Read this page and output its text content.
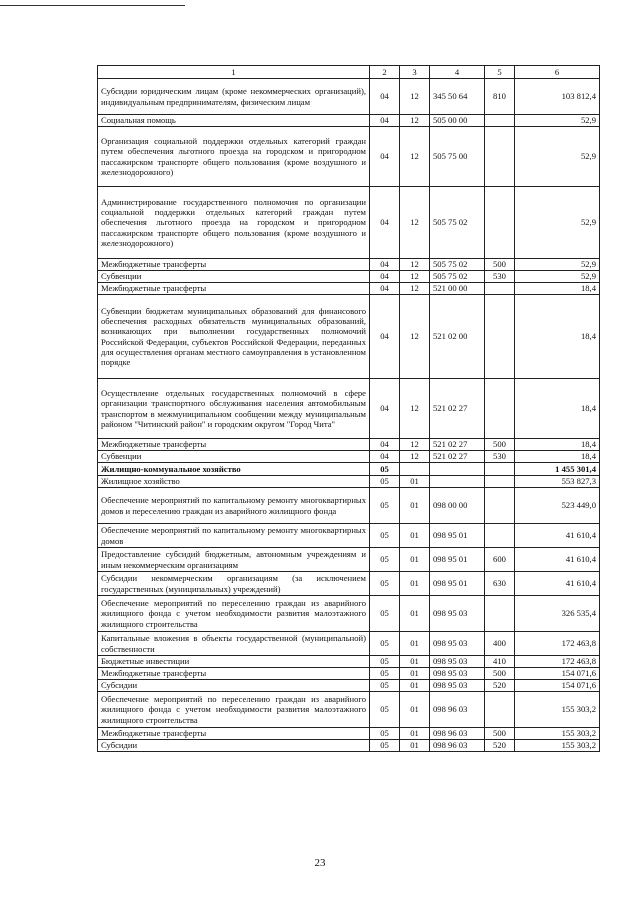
1	2	3	4	5	6
Субсидии юридическим лицам (кроме некоммерческих организаций), индивидуальным предпринимателям, физическим лицам	04	12	345 50 64	810	103 812,4
Социальная помощь	04	12	505 00 00		52,9
Организация социальной поддержки отдельных категорий граждан путем обеспечения льготного проезда на городском и пригородном пассажирском транспорте общего пользования (кроме воздушного и железнодорожного)	04	12	505 75 00		52,9
Администрирование государственного полномочия по организации социальной поддержки отдельных категорий граждан путем обеспечения льготного проезда на городском и пригородном пассажирском транспорте общего пользования (кроме воздушного и железнодорожного)	04	12	505 75 02		52,9
Межбюджетные трансферты	04	12	505 75 02	500	52,9
Субвенции	04	12	505 75 02	530	52,9
Межбюджетные трансферты	04	12	521 00 00		18,4
Субвенции бюджетам муниципальных образований для финансового обеспечения расходных обязательств муниципальных образований, возникающих при выполнении государственных полномочий Российской Федерации, субъектов Российской Федерации, переданных для осуществления органам местного самоуправления в установленном порядке	04	12	521 02 00		18,4
Осуществление отдельных государственных полномочий в сфере организации транспортного обслуживания населения автомобильным транспортом в межмуниципальном сообщении между муниципальным районом "Читинский район" и городским округом "Город Чита"	04	12	521 02 27		18,4
Межбюджетные трансферты	04	12	521 02 27	500	18,4
Субвенции	04	12	521 02 27	530	18,4
Жилищно-коммунальное хозяйство	05				1 455 301,4
Жилищное хозяйство	05	01			553 827,3
Обеспечение мероприятий по капитальному ремонту многоквартирных домов и переселению граждан из аварийного жилищного фонда	05	01	098 00 00		523 449,0
Обеспечение мероприятий по капитальному ремонту многоквартирных домов	05	01	098 95 01		41 610,4
Предоставление субсидий бюджетным, автономным учреждениям и иным некоммерческим организациям	05	01	098 95 01	600	41 610,4
Субсидии некоммерческим организациям (за исключением государственных (муниципальных) учреждений)	05	01	098 95 01	630	41 610,4
Обеспечение мероприятий по переселению граждан из аварийного жилищного фонда с учетом необходимости развития малоэтажного жилищного строительства	05	01	098 95 03		326 535,4
Капитальные вложения в объекты государственной (муниципальной) собственности	05	01	098 95 03	400	172 463,8
Бюджетные инвестиции	05	01	098 95 03	410	172 463,8
Межбюджетные трансферты	05	01	098 95 03	500	154 071,6
Субсидии	05	01	098 95 03	520	154 071,6
Обеспечение мероприятий по переселению граждан из аварийного жилищного фонда с учетом необходимости развития малоэтажного жилищного строительства	05	01	098 96 03		155 303,2
Межбюджетные трансферты	05	01	098 96 03	500	155 303,2
Субсидии	05	01	098 96 03	520	155 303,2
23
